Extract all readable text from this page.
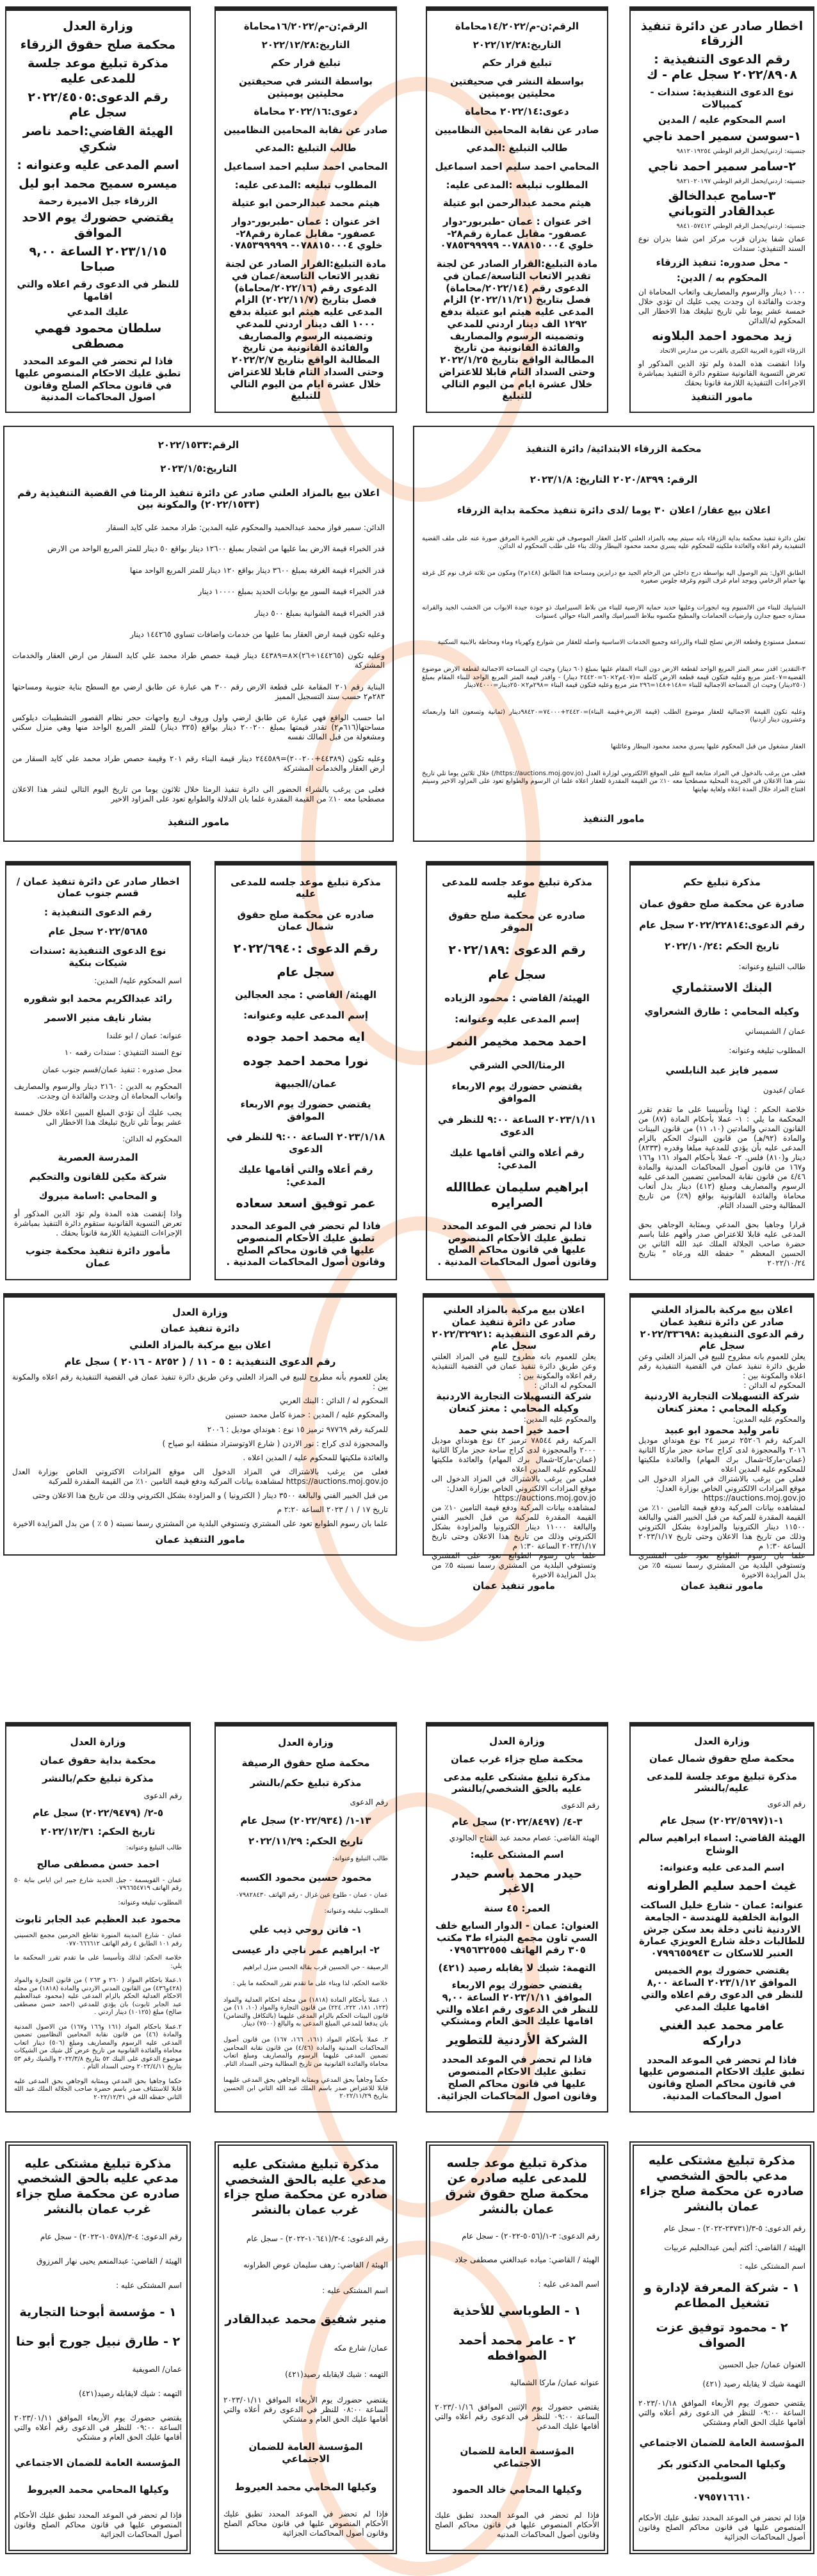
اخطار صادر عن دائرة تنفيذ الزرقاء
رقم الدعوى التنفيذية : ٢٠٢٢/٨٩٠٨ سجل عام - ك
نوع الدعوى التنفيذية: سندات - كمبيالات
اسم المحكوم عليه / المدين
١-سوسن سمير احمد ناجي
جنسيته: اردني/يحمل الرقم الوطني ٩٨١٢٠١٩٢٥٤
٢-سامر سمير احمد ناجي
جنسيته: اردني/يحمل الرقم الوطني ٩٨٢١٠٢٠١٩٧
٣-سامح عبدالخالق عبدالقادر التوباني
جنسيته: اردني/يحمل الرقم الوطني ٩٨٤١٠٥٧٤١٢
عمان شفا بدران قرب مركز امن شفا بدران نوع السند التنفيذي: سندات
- محل صدوره: تنفيذ الزرقاء
المحكوم به / الدين:
١٠٠٠ دينار والرسوم والمصاريف واتعاب المحاماة ان وجدت والفائدة ان وجدت يجب عليك ان تؤدي خلال خمسة عشر يوما تلي تاريخ تبليغك هذا الاخطار الى المحكوم له/الدائن
زيد محمود احمد البلاونه
الزرقاء الثورة العربية الكبرى بالقرب من مدارس الاتحاد
واذا انقضت هذه المدة ولم تؤد الدين المذكور او تعرض التسوية القانونية ستقوم دائرة التنفيذ بمباشرة الاجراءات التنفيذية اللازمة قانونا بحقك
مامور التنفيذ
الرقم:ن-م/١٤/٢٠٢٢محاماة
التاريخ:٢٠٢٢/١٢/٢٨
تبليغ قرار حكم
بواسطة النشر في صحيفتين محليتين يوميتين
دعوى:٢٠٢٢/١٤ محاماة
صادر عن نقابة المحامين النظاميين
طالب التبليغ :المدعي
المحامي احمد سليم احمد اسماعيل
المطلوب تبليغه :المدعى عليه:
هيثم محمد عبدالرحمن ابو عتيلة
اخر عنوان : عمان -طبربور-دوار عصفور- مقابل عمارة رقم٢٨- خلوي ٠٧٨٨١٥٠٠٠٤- ٠٧٨٥٣٩٩٩٩٩
مادة التبليغ:القرار الصادر عن لجنة تقدير الاتعاب التاسعة/عمان في الدعوى رقم (٢٠٢٢/١٤/محاماة) فصل بتاريخ (٢٠٢٢/١١/٢١) الزام المدعى عليه هيثم ابو عتيلة بدفع ١٢٩٢ الف دينار اردني للمدعي وتضمينه الرسوم والمصاريف والفائدة القانونية من تاريخ المطالبة الواقع بتاريخ ٢٠٢٢/١/٢٥ وحتى السداد التام قابلا للاعتراض خلال عشرة ايام من اليوم التالي للتبليغ
الرقم:ن-م/١٦/٢٠٢٢محاماة
التاريخ:٢٠٢٢/١٢/٢٨
تبليغ قرار حكم
بواسطة النشر في صحيفتين محليتين يوميتين
دعوى:٢٠٢٢/١٦ محاماة
صادر عن نقابة المحامين النظاميين
طالب التبليغ :المدعي
المحامي احمد سليم احمد اسماعيل
المطلوب تبليغه :المدعى عليه:
هيثم محمد عبدالرحمن ابو عتيلة
اخر عنوان : عمان -طبربور-دوار عصفور- مقابل عمارة رقم٢٨- خلوي ٠٧٨٨١٥٠٠٠٤- ٠٧٨٥٣٩٩٩٩٩
مادة التبليغ:القرار الصادر عن لجنة تقدير الاتعاب التاسعة/عمان في الدعوى رقم (٢٠٢٢/١٦/محاماة) فصل بتاريخ (٢٠٢٢/١١/٧) الزام المدعى عليه هيثم ابو عتيلة بدفع ١٠٠٠ الف دينار اردني للمدعي وتضمينه الرسوم والمصاريف والفائدة القانونية من تاريخ المطالبة الواقع بتاريخ ٢٠٢٢/٢/٧ وحتى السداد التام قابلا للاعتراض خلال عشرة ايام من اليوم التالي للتبليغ
وزارة العدل
محكمة صلح حقوق الزرقاء
مذكرة تبليغ موعد جلسة للمدعى عليه
رقم الدعوى:٢٠٢٢/٤٥٠٥ سجل عام
الهيئة القاضي:احمد ناصر شكري
اسم المدعى عليه وعنوانه :
ميسره سميح محمد ابو ليل
الزرقاء جبل الاميرة رحمة
يقتضي حضورك يوم الاحد الموافق
٢٠٢٣/١/١٥ الساعة ٩,٠٠ صباحا
للنظر في الدعوى رقم اعلاه والتي اقامها
عليك المدعي
سلطان محمود فهمي مصطفى
فاذا لم تحضر في الموعد المحدد تطبق عليك الاحكام المنصوص عليها في قانون محاكم الصلح وقانون اصول المحاكمات المدنية
محكمة الزرقاء الابتدائية/ دائرة التنفيذ
الرقم: ٢٠٢٠/٨٣٩٩ التاريخ: ٢٠٢٣/١/٨
اعلان بيع عقار/ اعلان ٣٠ يوما /لدى دائرة تنفيذ محكمة بداية الزرقاء
تعلن دائرة تنفيذ محكمة بداية الزرقاء بانه سيتم بيعه بالمزاد العلني كامل العقار الموصوف في تقرير الخبرة المرفق صورة عنه على ملف القضية التنفيذية رقم اعلاه والعائدة ملكيته للمحكوم عليه يسري محمد محمود البيطار وذلك بناء على طلب المحكوم له الدائن.
الطابق الاول: يتم الوصول اليه بواسطة درج داخلي من الرخام الجيد مع درابزين ومساحة هذا الطابق (١٤٨م٢) ومكون من ثلاثة غرف نوم كل غرفة بها حمام الرخامي ويوجد امام غرف النوم وغرفة جلوس صغيره
الشبابيك للبناء من الالمنيوم وبه ابجورات وعليها حديد حمايه الارضية للبناء من بلاط السيراميك ذو جودة جيدة الابواب من الخشب الجيد والقرانه ممتازه جميع جدارن وارضيات الحمامات والمطبخ مكسوه ببلاط السيراميك والعمر البناء حوالي ٤سنوات
تسعمل مستودع وقطعة الارض تصلح للبناء والزراعة وجميع الخدمات الاساسية واصله للعقار من شوارع وكهرباء وماء ومحاطة بالابنية السكنية
٣-التقدير: اقدر سعر المتر المربع الواحد لقطعة الارض دون البناء المقام عليها بمبلغ (٦٠ دينار) وحيث ان المساحة الاجمالية لقطعة الارض موضوع القضية=٤٠٧متر مربع وعليه فتكون قيمة قطعة الارض كاملة =(٤٠٧م٢×٦٠=٢٤٤٢٠ دينار) - واقدر قيمة المتر المربع الواحد للبناء المقام بمبلغ (٢٥٠دينار) وحيث ان المساحة الاجمالية للبناء =١٤٨+١٤٨=٢٩٦ متر مربع وعليه فتكون قيمة البناء =٢٩٨م٢×٢٥٠دينار=٧٤٠٠٠دينار
وعليه تكون القيمة الاجمالية للعقار موضوع الطلب (قيمة الارض+قيمة البناء)=٢٤٤٢٠+٧٤٠٠٠=٩٨٤٢٠دينار (ثمانية وتسعون الفا واربعمائة وعشرون دينار اردنيا)
العقار مشغول من قبل المحكوم عليها يسري محمد محمود البيطار وعائلتها
فعلى من يرغب بالدخول في المزاد متابعة البيع على الموقع الالكتروني لوزارة العدل (https://auctions.moj.gov.jo/) خلال ثلاثين يوما تلي تاريخ نشر هذا الاعلان في الجريدة المحلية مصطحبا معه ١٠٪ من القيمة المقدرة للعقار اعلاه علما ان الرسوم والطوابع تعود على المزاود الاخير وسيتم افتتاح المزاد خلال المدة اعلاه ولغاية نهايتها
مامور التنفيذ
الرقم:٢٠٢٢/١٥٣٣
التاريخ:٢٠٢٣/١/٥
اعلان بيع بالمزاد العلني صادر عن دائرة تنفيذ الرمثا في القضية التنفيذية رقم (٢٠٢٢/١٥٣٣) والمكونة بين
الدائن: سمير فواز محمد عبدالحميد والمحكوم عليه المدين: طراد محمد علي كايد السقار
قدر الخبراء قيمة الارض بما عليها من اشجار بمبلغ ١٢٦٠٠ دينار بواقع ٥٠ دينار للمتر المربع الواحد من الارض
قدر الخبراء قيمة الغرفة بمبلغ ٣٦٠٠ دينار بواقع ١٢٠ دينار للمتر المربع الواحد منها
قدر الخبراء قيمة السور مع بوابات الحديد بمبلغ ١٠٠٠٠ دينار
قدر الخبراء قيمة الشوانية بمبلغ ٥٠٠ دينار
وعليه تكون قيمة ارض العقار بما عليها من خدمات واضافات تساوي ١٤٤٢٦٥ دينار
وعليه تكون (١٤٤٢٦٥÷٢٦)×٨=٤٤٣٨٩ دينار قيمة حصص طراد محمد علي كايد السقار من ارض العقار والخدمات المشتركة
البناية رقم ٢٠١ المقامة على قطعة الارض رقم ٣٠٠ هي عبارة عن طابق ارضي مع السطح بناية جنوبية ومساحتها ٢٨٣م٢ حسب سند التسجيل المميز
اما حسب الواقع فهي عبارة عن طابق ارضي واول وروف اربع واجهات حجر نظام القصور التشطيبات ديلوكس مساحتها(٦١٦م٢) تقدر قيمتها بمبلغ ٢٠٠٢٠٠ دينار بواقع (٣٢٥ دينار) للمتر المربع الواحد منها وهي منزل سكني ومشغولة من قبل المالك نفسه
وعليه تكون (٤٤٣٨٩+٢٠٠٢٠٠)=٢٤٤٥٨٩ دينار قيمة البناء رقم ٢٠١ وقيمة حصص طراد محمد علي كايد السقار من ارض العقار والخدمات المشتركة
فعلى من يرغب بالشراء الحضور الى دائرة تنفيذ الرمثا خلال ثلاثون يوما من تاريخ اليوم التالي لنشر هذا الاعلان مصطحبا معه ١٠٪ من القيمة المقدرة علما بان الدلالة والطوابع تعود على المزاود الاخير
مامور التنفيذ
مذكرة تبليغ حكم
صادرة عن محكمة صلح حقوق عمان
رقم الدعوى:٢٠٢٢/٢٢٨١٤ سجل عام
تاريخ الحكم :٢٠٢٢/١٠/٢٤
طالب التبليغ وعنوانه:
البنك الاستثماري
وكيله المحامي : طارق الشعراوي
عمان / الشميساني
المطلوب تبليغه وعنوانه:
سمير فايز عبد النابلسي
عمان /عبدون
خلاصة الحكم : لهذا وتأسيسا على ما تقدم تقرر المحكمة ما يلي : ١- عملا بأحكام المادة (٨٧) من القانون المدني والمادتين (١٠، ١١) من قانون البينات والمادة (٩٢/هـ) من قانون البنوك الحكم بالزام المدعى عليه بأن يؤدي للمدعية مبلغا وقدره (٨٢٣٣) دينار و(٨١٠) فلس. ٢- عملا بأحكام المواد ١٦١ و١٦٦ و١٦٧ من قانون أصول المحاكمات المدنية والمادة ٤/٤٦ من قانون نقابة المحامين تضمين المدعى عليه الرسوم والمصاريف ومبلغ (٤١٢) دينار بدل أتعاب محاماة والفائدة القانونية بواقع (٩٪) من تاريخ المطالبة وحتى السداد التام.
قرارا وجاهيا بحق المدعي وبمثابة الوجاهي بحق المدعى عليه قابلا للاعتراض صدر وأفهم علنا باسم حضرة صاحب الجلالة الملك عبد الله الثاني بن الحسين المعظم " حفظه الله ورعاه " بتاريخ ٢٠٢٢/١٠/٢٤
مذكرة تبليغ موعد جلسه للمدعى عليه
صادره عن محكمة صلح حقوق الموقر
رقم الدعوى :٢٠٢٢/١٨٩
سجل عام
الهيئة/ القاضي : محمود الزياده
إسم المدعى عليه وعنوانه:
احمد محمد مخيمر النمر
الرمثا/الحي الشرقي
يقتضي حضورك يوم الاربعاء الموافق
٢٠٢٣/١/١١ الساعة ٩:٠٠ للنظر في الدعوى
رقم أعلاه والتي أقامها عليك المدعي:
ابراهيم سليمان عطاالله الصرايره
فاذا لم تحضر في الموعد المحدد تطبق عليك الأحكام المنصوص عليها في قانون محاكم الصلح وقانون أصول المحاكمات المدنية .
مذكرة تبليغ موعد جلسه للمدعى عليه
صادره عن محكمة صلح حقوق شمال عمان
رقم الدعوى :٢٠٢٢/٦٩٤٠
سجل عام
الهيئة/ القاضي : مجد العجالين
إسم المدعى عليه وعنوانه:
ايه محمد احمد جوده
نورا محمد احمد جوده
عمان/الجبيهة
يقتضي حضورك يوم الاربعاء الموافق
٢٠٢٣/١/١٨ الساعة ٩:٠٠ للنظر في الدعوى
رقم أعلاه والتي أقامها عليك المدعي:
عمر توفيق اسعد سعاده
فاذا لم تحضر في الموعد المحدد تطبق عليك الأحكام المنصوص عليها في قانون محاكم الصلح وقانون أصول المحاكمات المدنية .
اخطار صادر عن دائرة تنفيذ عمان /قسم جنوب عمان
رقم الدعوى التنفيذية :
٢٠٢٢/٥٦٨٥ سجل عام
نوع الدعوى التنفيذية :سندات شيكات بنكية
اسم المحكوم عليه/ المدين:
رائد عبدالكريم محمد ابو شقوره
بشار نايف منير الاسمر
عنوانه: عمان / ابو علندا
نوع السند التنفيذي : سندات رقمه ١٠
محل صدوره : تنفيذ عمان/قسم جنوب عمان
المحكوم به الدين : ٢١٦٠ دينار والرسوم والمصاريف واتعاب المحاماة ان وجدت والفائدة ان وجدت.
يجب عليك أن تؤدي المبلغ المبين اعلاه خلال خمسة عشر يوماً تلي تاريخ تبليغك هذا الاخطار الى
المحكوم له الدائن:
المدرسة العصرية
شركة مكين للقانون والتحكيم
و المحامي :اسامة مبروك
واذا إنقضت هذه المدة ولم تؤد الدين المذكور أو تعرض التسوية القانونية ستقوم دائرة التنفيذ بمباشرة الإجراءات التنفيذية اللازمة قانوناً بحقك .
مأمور دائرة تنفيذ محكمة جنوب عمان
اعلان بيع مركبة بالمزاد العلني صادر عن دائرة تنفيذ عمان
رقم الدعوى التنفيذية :٢٠٢٢/٣٣٦٩٨
سجل عام
يعلن للعموم بانه مطروح للبيع في المزاد العلني وعن طريق دائرة تنفيذ عمان في القضية التنفيذية رقم اعلاه والمكونة بين :
المحكوم له الدائن :
شركة التسهيلات التجارية الاردنية
وكيله المحامي : معتز كنعان
والمحكوم عليه المدين:
تامر وليد محمود ابو عبيد
المركبة رقم ٢٥٢٠٦ ترميز ٢٤ نوع هونداي موديل ٢٠١٦ والمحجوزة لدى كراج ساحة حجز ماركا الثانية (عمان-ماركا-شمال برك المهام) والعائدة ملكيتها للمحكوم عليه المدين اعلاه
فعلى من يرغب بالاشتراك في المزاد الدخول الى موقع المزادات الالكتروني الخاص بوزارة العدل:
https://auctions.moj.gov.jo
لمشاهده بيانات المركبة ودفع قيمة التامين ١٠٪ من القيمة المقدرة للمركبة من قبل الخبير الفني والبالغة ١١٥٠٠ دينار الكترونيا والمزاودة بشكل الكتروني وذلك من تاريخ هذا الاعلان وحتى تاريخ ٢٠٢٣/١/١٧ الساعة ١:٣٠ م
علما بان رسوم الطوابع تعود على المشتري وتستوفي البلدية من المشتري رسما نسبته ٥٪ من بدل المزايدة الاخيرة
مامور تنفيذ عمان
اعلان بيع مركبة بالمزاد العلني صادر عن دائرة تنفيذ عمان
رقم الدعوى التنفيذية :٢٠٢٢/٣٢٩٢١
سجل عام
يعلن للعموم بانه مطروح للبيع في المزاد العلني وعن طريق دائرة تنفيذ عمان في القضية التنفيذية رقم اعلاه والمكونة بين :
المحكوم له الدائن :
شركة التسهيلات التجارية الاردنية
وكيله المحامي : معتز كنعان
والمحكوم عليه المدين:
احمد خير احمد بني حمد
المركبة رقم ٧٨٥٤٤ ترميز ٤٢ نوع هونداي موديل ٢٠٠٠ والمحجوزة لدى كراج ساحة حجز ماركا الثانية (عمان-ماركا-شمال برك المهام) والعائدة ملكيتها للمحكوم عليه المدين اعلاه
فعلى من يرغب بالاشتراك في المزاد الدخول الى موقع المزادات الالكتروني الخاص بوزارة العدل:
https://auctions.moj.gov.jo
لمشاهده بيانات المركبة ودفع قيمة التامين ١٠٪ من القيمة المقدرة للمركبة من قبل الخبير الفني والبالغة ١١٠٠٠ دينار الكترونيا والمزاودة بشكل الكتروني وذلك من تاريخ هذا الاعلان وحتى تاريخ ٢٠٢٣/١/١٧ الساعة ١:٣٠ م
علما بان رسوم الطوابع تعود على المشتري وتستوفي البلدية من المشتري رسما نسبته ٥٪ من بدل المزايدة الاخيرة
مامور تنفيذ عمان
وزارة العدل
دائرة تنفيذ عمان
اعلان بيع مركبة بالمزاد العلني
رقم الدعوى التنفيذية : ٥ - ١١ / ( ٨٢٥٢ - ٢٠١٦ ) سجل عام
يعلن للعموم بأنه مطروح للبيع في المزاد العلني وعن طريق دائرة تنفيذ عمان في القضية التنفيذية رقم اعلاه والمكونة بين :
المحكوم له / الدائن : البنك العربي
والمحكوم عليه / المدين : حمزة كامل محمد حسنين
للمركبة رقم ٩٧٧٦٩ ترميز ١٥ نوع : هونداي موديل : ٢٠٠٦
والمحجوزة لدى كراج : نور الاردن ( شارع الاوتوستراد منطقة ابو صياح )
والعائدة ملكيتها للمحكوم عليه / المدين اعلاه .
فعلى من يرغب بالاشتراك في المزاد الدخول الى موقع المزادات الاكتروني الخاص بوزارة العدل https://auctions.moj.gov.jo لمشاهدة بيانات المركبة ودفع قيمة التامين ١٠٪ من القيمة المقدرة للمركبة
من قبل الخبير الفني والبالغة ٣٥٠٠ دينار ( الكترونيا ) و المزاودة بشكل الكتروني وذلك من تاريخ هذا الاعلان وحتى
تاريخ ١٧ / ١ / ٢٠٢٣ الساعة ٢:٢٠ م
علما بان رسوم الطوابع تعود على المشتري وتستوفي البلدية من المشتري رسما نسبته ( ٥ ٪ ) من بدل المزايدة الاخيرة
مامور التنفيذ عمان
وزارة العدل
محكمة صلح حقوق شمال عمان
مذكرة تبليغ موعد جلسة للمدعى عليه/بالنشر
رقم الدعوى
١-١(٢٠٢٢/٥٦٩٧) سجل عام
الهيئة القاضي: اسماء ابراهيم سالم الوشاح
اسم المدعى عليه وعنوانه:
غيث احمد سليم الطراونه
عنوانه: عمان - شارع خليل الساكت البوابة الخلفية للهندسة - الجامعة الاردنية ثاني دخلة بعد سكن جرش للطالبات دخلة شارع العويزي عمارة العنبر للاسكان ت ٠٧٩٩٦٥٥٩٤٣
يقتضي حضورك يوم الخميس الموافق ٢٠٢٣/١/١٢ الساعة ٨,٠٠ للنظر في الدعوى رقم اعلاه والتي اقامها عليك المدعي
عامر محمد عبد الغني دراركه
فاذا لم تحضر في الموعد المحدد تطبق عليك الاحكام المنصوص عليها في قانون محاكم الصلح وقانون اصول المحاكمات المدنية.
وزارة العدل
محكمة صلح جزاء غرب عمان
مذكرة تبليغ مشتكى عليه مدعى عليه بالحق الشخصي/بالنشر
رقم الدعوى
٣-٤/ (٢٠٢٢/٨٤٩٧) سجل عام
الهيئة القاضي: عصام محمد عبد الفتاح الجالودي
اسم المشتكى عليه:
حيدر محمد باسم حيدر الاغبر
العمر: ٤٥ سنة
العنوان: عمان - الدوار السابع خلف السي تاون مجمع البتراء ط٣ مكتب ٣٠٥ رقم الهاتف ٠٧٩٥٦٣٢٥٥٥
التهمة: شيك لا يقابله رصيد (٤٢١)
يقتضي حضورك يوم الاربعاء الموافق ٢٠٢٣/١/١١ الساعة ٩,٠٠ للنظر في الدعوى رقم اعلاه والتي اقامها عليك الحق العام ومشتكي
الشركة الأردنية للتطوير
فاذا لم تحضر في الموعد المحدد تطبق عليك الاحكام المنصوص عليها في قانون محاكم الصلح وقانون اصول المحاكمات الجزائية.
وزارة العدل
محكمة صلح حقوق الرصيفة
مذكرة تبليغ حكم/بالنشر
رقم الدعوى
١٣-١/ (٢٠٢٢/٩٣٤) سجل عام
تاريخ الحكم: ٢٠٢٢/١١/٢٩
طالب التبليغ وعنوانه:
محمود حسين محمود الكسبه
عمان - عمان - طلوع عين غزال - رقم الهاتف ٠٧٩٨٢٨٤٣٠
المطلوب تبليغه وعنوانه:
١- فاتن روحي ذيب علي
٢- ابراهيم عمر ناجي دار عيسى
الرصيفة - حي الحسين قرب بقالة الحسن منزل ابراهيم
خلاصة الحكم، لذا وبناء على ما تقدم تقرر المحكمة ما يلي :
١. عملا بأحكام المادة (١٨١٨) من مجلة احكام العدلية والمواد (١٢٣، ١٨١، ٢٢٢، ٢٢٤) من قانون التجارة والمواد (١٠، ١١) من قانون البينات الحكم بالزام المدعى عليهما (بالتكافل والتضامن) بان يدفعا للمدعي المبلغ المدعى به والبالغ (٧٥٠٠) دينار.
٢. عملا بأحكام المواد (١٦١، ١٦٦، ١٦٧) من قانون أصول المحاكمات المدنية والمادة (٤/٤٦) من قانون نقابة المحامين تضمين المدعى عليهما الرسوم والمصاريف ومبلغ اتعاب محاماة والفائدة القانونية من تاريخ المطالبة وحتى السداد التام.
حكماً وجاهياً بحق المدعي وبمثابة الوجاهي بحق المدعى عليهما قابلا للاعتراض صدر باسم الملك عبد الله الثاني ابن الحسين بتاريخ ٢٠٢٢/١١/٢٩
وزارة العدل
محكمة بداية حقوق عمان
مذكرة تبليغ حكم/بالنشر
رقم الدعوى
٥-٢/ (٢٠٢٢/٩٤٧٩) سجل عام
تاريخ الحكم: ٢٠٢٢/١٢/٣١
طالب التبليغ وعنوانه:
احمد حسن مصطفى صالح
عمان - القويسمة - جبل الحديد شارع جبير ابن اياس بناية ٥٠ رقم الهاتف ٠٧٩٦٦٥٤٧١٩
المطلوب تبليغه وعنوانه:
محمود عبد العظيم عبد الجابر ثابوت
عمان - شارع المدينة المنورة تقاطع الحرمين مجمع الحسيني رقم ١٠١ الطابق ٤ رقم الهاتف ٠٧٧٠٦٦٦٦١٢
خلاصة الحكم: لذلك وتأسيسا على ما تقدم تقرر المحكمة ما يلي:
١.عملا باحكام المواد ( ٢٦٠ و ٢٦٣ ) من قانون التجارة والمواد (٤٢٨و٤٣٦) من القانون المدني الاردني والمادة (١٨١٨) من مجلة الاحكام العدلية الحكم بالزام المدعى عليه (محمود عبدالعظيم عبد الجابر ثابوت) بان يؤدي للمدعي (احمد حسن مصطفى صالح) مبلغ (١٠١٢٥) دينار اردني .
٢.عملا باحكام المواد (١٦١ و١٦٦ و١٦٧) من الاصول المدنية والمادة (٤٦) من قانون نقابة المحامين النظاميين تضمين المدعى عليه الرسوم والمصاريف ومبلغ (٥٠٦) دينار اتعاب محاماة والفائدة القانونية من تاريخ عرض كل شيك من الشيكات موضوع الدعوى على البنك ٥٢ بتاريخ ٢٠٢٢/٣/٨ والشيك رقم ٥٣ بتاريخ ٢٠٢٢/٤/١١ وحتى السداد التام .
حكما وجاهيا بحق المدعي وبمثابة الوجاهي بحق المدعى عليه قابلا للاستئناف صدر باسم حضرة صاحب الجلالة الملك عبد الله الثاني حفظه الله في ٢٠٢٢/١٢/٣١
مذكرة تبليغ مشتكى عليه مدعي بالحق الشخصي صادره عن محكمة صلح جزاء عمان بالنشر
رقم الدعوى: ٥-٣/(٢٣٧٣١-٢٠٢٢) - سجل عام
الهيئة / القاضي: أكثم أيمن عبدالحليم عربيات
اسم المشتكى عليه :
١ - شركة المعرفة لإدارة و تشغيل المطاعم
٢ - محمود توفيق عزت الصواف
العنوان عمان/ جبل الحسين
التهمة شيك لا يقابله رصيد (٤٢١)
يقتضي حضورك يوم الأربعاء الموافق ٢٠٢٣/٠١/١٨ الساعة ٠٩:٠٠ للنظر في الدعوى رقم أعلاه والتي أقامها عليك الحق العام ومشتكي
المؤسسة العامة للضمان الاجتماعي
وكيلها المحامي الدكتور بكر السويلمين
٠٧٩٥٧١٦٦١٠
فإذا لم تحضر في الموعد المحدد تطبق عليك الأحكام المنصوص عليها في قانون محاكم الصلح وقانون أصول المحاكمات الجزائية
مذكرة تبليغ موعد جلسه للمدعى عليه صادره عن محكمة صلح حقوق شرق عمان بالنشر
رقم الدعوى: ٣-١/(٥٠٥٦-٢٠٢٢) - سجل عام
الهيئة / القاضي: مياده عبدالغني مصطفى جلاد
اسم المدعى عليه :
١ - الطوباسي للأحذية
٢ - عامر محمد أحمد الصوافطه
عنوانه عمان/ ماركا الشمالية
يقتضي حضورك يوم الإثنين الموافق ٢٠٢٣/٠١/١٦ الساعة ٠٩:٠٠ للنظر في الدعوى رقم أعلاه والتي أقامها عليك المدعي
المؤسسة العامة للضمان الاجتماعي
وكيلها المحامي خالد الحمود
فإذا لم تحضر في الموعد المحدد تطبق عليك الأحكام المنصوص عليها في قانون محاكم الصلح وقانون أصول المحاكمات المدنيه
مذكرة تبليغ مشتكى عليه مدعي عليه بالحق الشخصي صادره عن محكمة صلح جزاء غرب عمان بالنشر
رقم الدعوى: ٤-٣/(١٠٦٤١-٢٠٢٢) - سجل عام
الهيئة / القاضي: رهف سليمان عوض الطراونه
اسم المشتكى عليه :
منير شفيق محمد عبدالقادر
عمان/ شارع مكه
التهمه : شيك لايقابله رصيد(٤٢١)
يقتضي حضورك يوم الأربعاء الموافق ٢٠٢٣/٠١/١١ الساعة ٠٨:٠٠ للنظر في الدعوى رقم أعلاه والتي أقامها عليك الحق العام و مشتكي
المؤسسة العامة للضمان الاجتماعي
وكيلها المحامي محمد العيروط
فإذا لم تحضر في الموعد المحدد تطبق عليك الأحكام المنصوص عليها في قانون محاكم الصلح وقانون أصول المحاكمات الجزائية
مذكرة تبليغ مشتكى عليه مدعي عليه بالحق الشخصي صادره عن محكمة صلح جزاء غرب عمان بالنشر
رقم الدعوى: ٤-٣/(١٠٥٧٨-٢٠٢٢) - سجل عام
الهيئة / القاضي: عبدالمنعم يحيى نهار المرزوق
اسم المشتكى عليه :
١ - مؤسسة أبوحنا التجارية
٢ - طارق نبيل جورج أبو حنا
عمان/ الصويفية
التهمه : شيك لايقابله رصيد(٤٢١)
يقتضي حضورك يوم الأربعاء الموافق ٢٠٢٣/٠١/١١ الساعة ٠٩:٠٠ للنظر في الدعوى رقم أعلاه والتي أقامها عليك الحق العام و مشتكي
المؤسسة العامة للضمان الاجتماعي
وكيلها المحامي محمد العيروط
فإذا لم تحضر في الموعد المحدد تطبق عليك الأحكام المنصوص عليها في قانون محاكم الصلح وقانون أصول المحاكمات الجزائية
